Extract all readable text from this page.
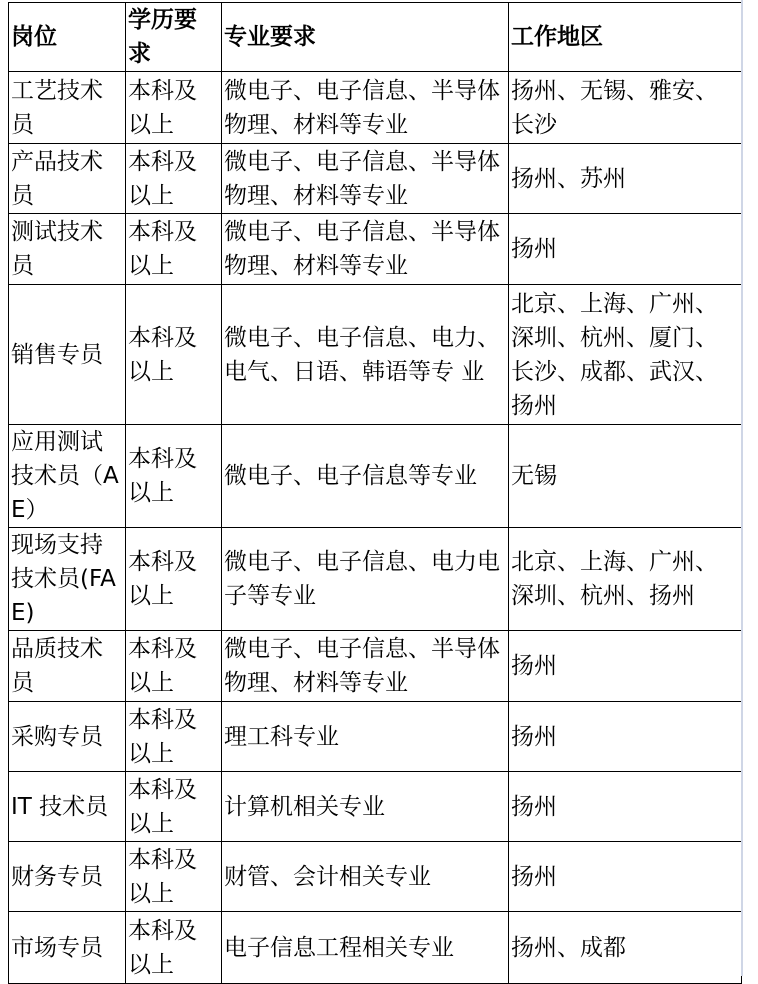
岗位	学历要求	专业要求	工作地区
工艺技术员	本科及以上	微电子、电子信息、半导体物理、材料等专业	扬州、无锡、雅安、长沙
产品技术员	本科及以上	微电子、电子信息、半导体物理、材料等专业	扬州、苏州
测试技术员	本科及以上	微电子、电子信息、半导体物理、材料等专业	扬州
销售专员	本科及以上	微电子、电子信息、电力、电气、日语、韩语等专 业	北京、上海、广州、深圳、杭州、厦门、长沙、成都、武汉、扬州
应用测试技术员（AE）	本科及以上	微电子、电子信息等专业	无锡
现场支持技术员(FAE)	本科及以上	微电子、电子信息、电力电子等专业	北京、上海、广州、深圳、杭州、扬州
品质技术员	本科及以上	微电子、电子信息、半导体物理、材料等专业	扬州
采购专员	本科及以上	理工科专业	扬州
IT 技术员	本科及以上	计算机相关专业	扬州
财务专员	本科及以上	财管、会计相关专业	扬州
市场专员	本科及以上	电子信息工程相关专业	扬州、成都
